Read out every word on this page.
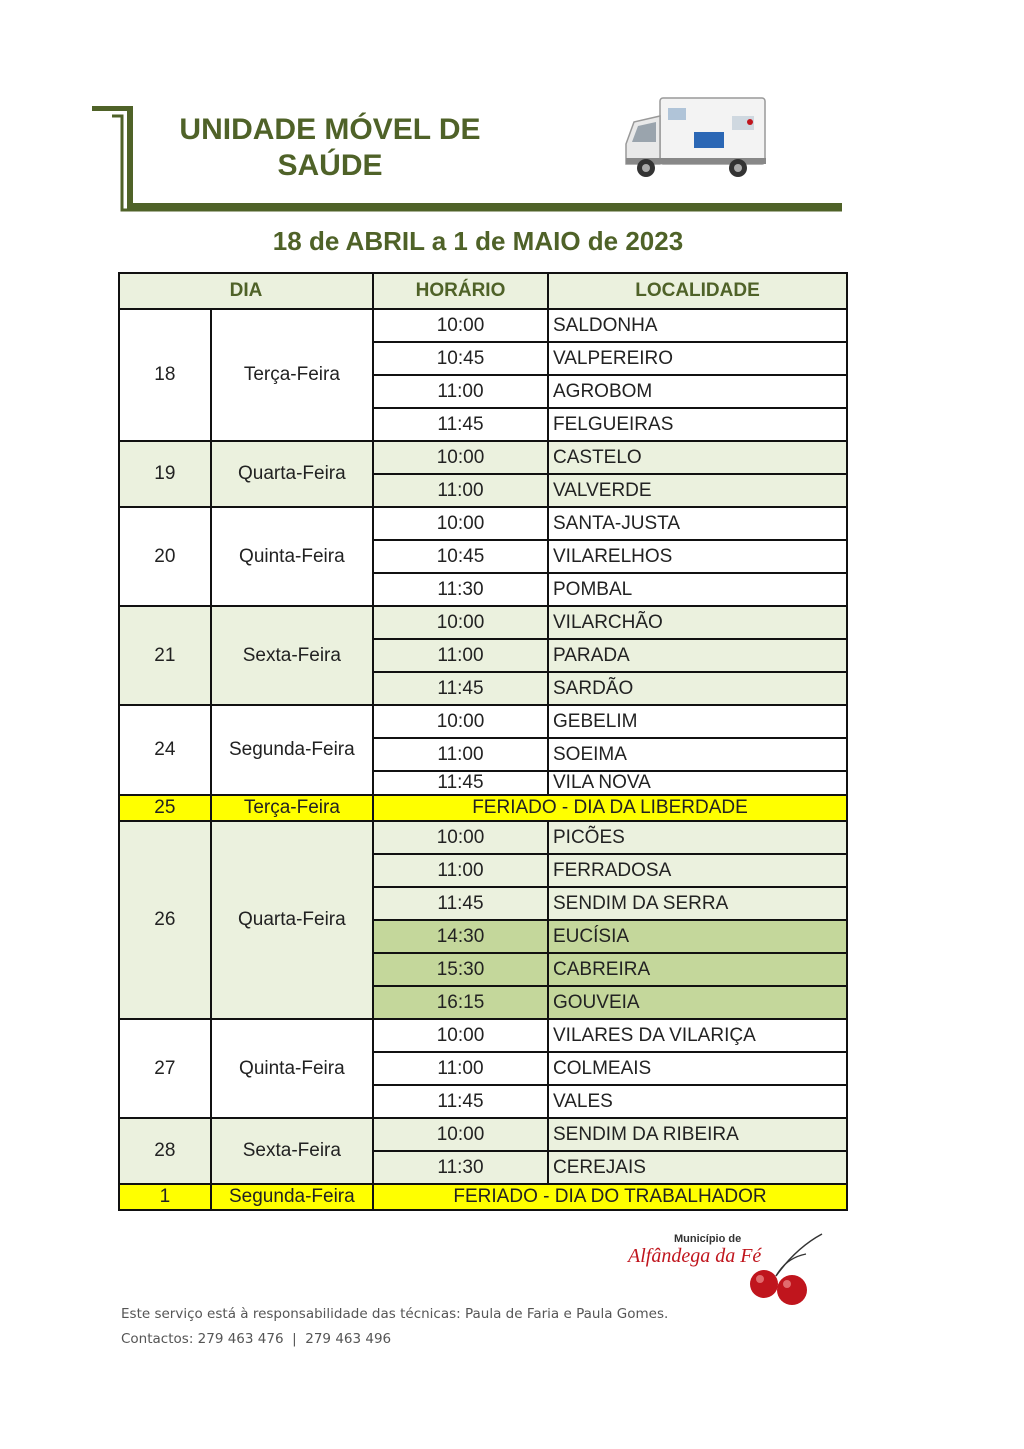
UNIDADE MÓVEL DE SAÚDE
18 de ABRIL a 1 de MAIO de 2023
DIA		HORÁRIO	LOCALIDADE
18	Terça-Feira	10:00	SALDONHA
		10:45	VALPEREIRO
		11:00	AGROBOM
		11:45	FELGUEIRAS
19	Quarta-Feira	10:00	CASTELO
		11:00	VALVERDE
20	Quinta-Feira	10:00	SANTA-JUSTA
		10:45	VILARELHOS
		11:30	POMBAL
21	Sexta-Feira	10:00	VILARCHÃO
		11:00	PARADA
		11:45	SARDÃO
24	Segunda-Feira	10:00	GEBELIM
		11:00	SOEIMA
		11:45	VILA NOVA
25	Terça-Feira	FERIADO - DIA DA LIBERDADE	
26	Quarta-Feira	10:00	PICÕES
		11:00	FERRADOSA
		11:45	SENDIM DA SERRA
		14:30	EUCÍSIA
		15:30	CABREIRA
		16:15	GOUVEIA
27	Quinta-Feira	10:00	VILARES DA VILARIÇA
		11:00	COLMEAIS
		11:45	VALES
28	Sexta-Feira	10:00	SENDIM DA RIBEIRA
		11:30	CEREJAIS
1	Segunda-Feira	FERIADO - DIA DO TRABALHADOR	
Município de
Alfândega da Fé
Este serviço está à responsabilidade das técnicas: Paula de Faria e Paula Gomes.
Contactos: 279 463 476  |  279 463 496
